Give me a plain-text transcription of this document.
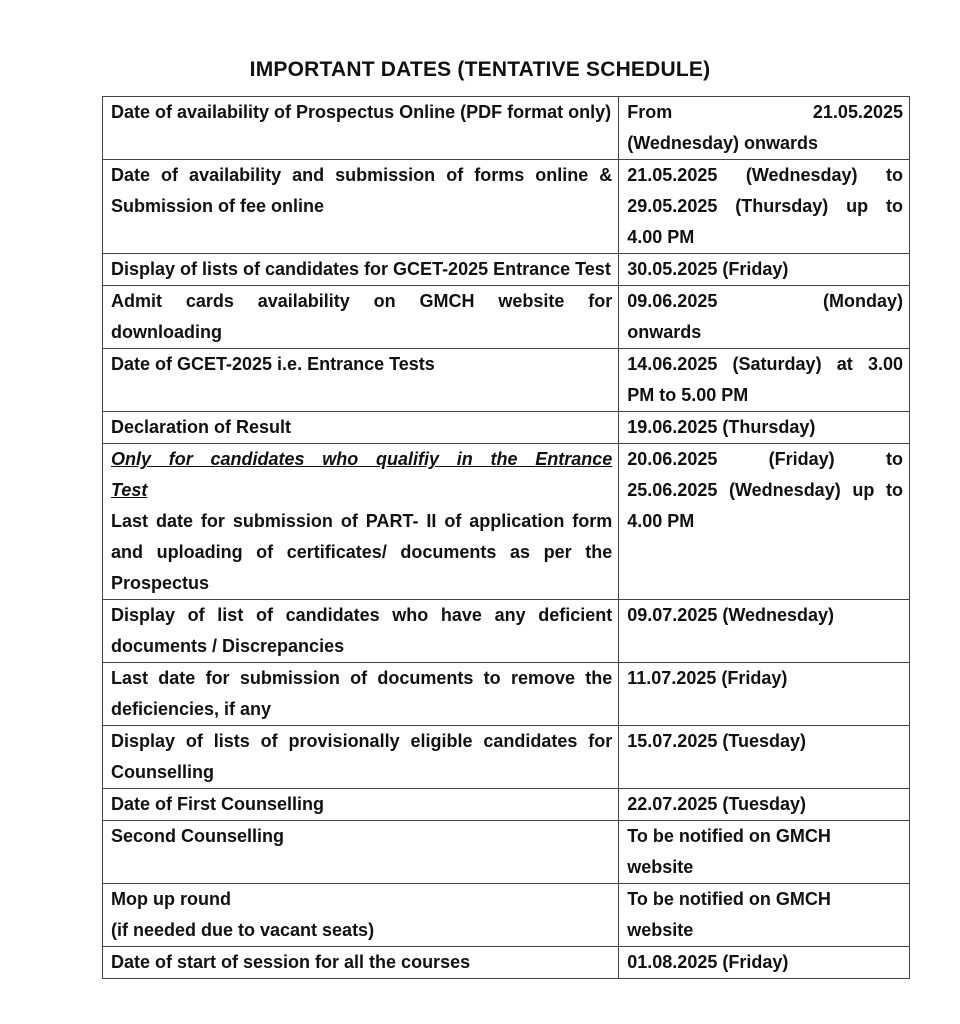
IMPORTANT DATES (TENTATIVE SCHEDULE)
Date of availability of Prospectus Online (PDF format only)	From 21.05.2025
(Wednesday) onwards

Date of availability and submission of forms online & Submission of fee online	21.05.2025 (Wednesday) to 29.05.2025 (Thursday) up to 4.00 PM
Display of lists of candidates for GCET-2025 Entrance Test	30.05.2025 (Friday)
Admit cards availability on GMCH website for downloading	09.06.2025 (Monday)
onwards

Date of GCET-2025 i.e. Entrance Tests	14.06.2025 (Saturday) at 3.00 PM to 5.00 PM
Declaration of Result	19.06.2025 (Thursday)

Only for candidates who qualifiy in the Entrance
Test
Last date for submission of PART- II of application form and uploading of certificates/ documents as per the Prospectus	20.06.2025 (Friday) to 25.06.2025 (Wednesday) up to 4.00 PM
Display of list of candidates who have any deficient documents / Discrepancies	09.07.2025 (Wednesday)
Last date for submission of documents to remove the deficiencies, if any	11.07.2025 (Friday)
Display of lists of provisionally eligible candidates for Counselling	15.07.2025 (Tuesday)
Date of First Counselling	22.07.2025 (Tuesday)
Second Counselling	To be notified on GMCH
website

Mop up round
(if needed due to vacant seats)	To be notified on GMCH
website

Date of start of session for all the courses	01.08.2025 (Friday)
